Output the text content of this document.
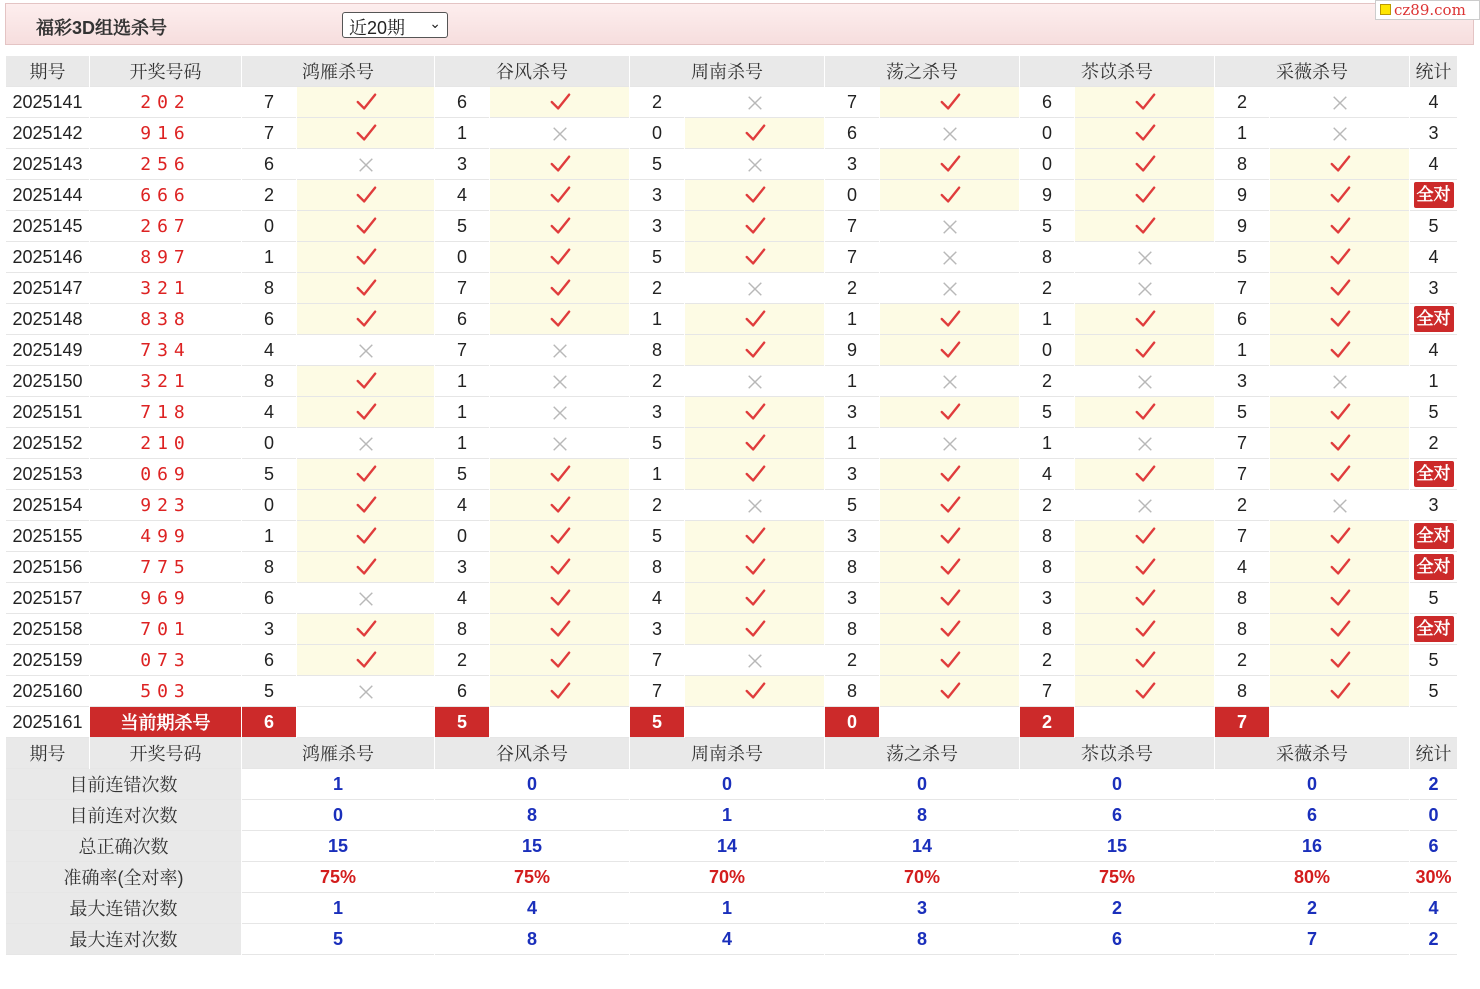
福彩3D组选杀号	近20期 ⌄
cz89.com
期号	开奖号码	鸿雁杀号		谷风杀号		周南杀号		荡之杀号		苶苡杀号		采薇杀号		统计
2025141	202	7		6		2		7		6		2		4
2025142	916	7		1		0		6		0		1		3
2025143	256	6		3		5		3		0		8		4
2025144	666	2		4		3		0		9		9		全对
2025145	267	0		5		3		7		5		9		5
2025146	897	1		0		5		7		8		5		4
2025147	321	8		7		2		2		2		7		3
2025148	838	6		6		1		1		1		6		全对
2025149	734	4		7		8		9		0		1		4
2025150	321	8		1		2		1		2		3		1
2025151	718	4		1		3		3		5		5		5
2025152	210	0		1		5		1		1		7		2
2025153	069	5		5		1		3		4		7		全对
2025154	923	0		4		2		5		2		2		3
2025155	499	1		0		5		3		8		7		全对
2025156	775	8		3		8		8		8		4		全对
2025157	969	6		4		4		3		3		8		5
2025158	701	3		8		3		8		8		8		全对
2025159	073	6		2		7		2		2		2		5
2025160	503	5		6		7		8		7		8		5
2025161	当前期杀号	6		5		5		0		2		7		
期号	开奖号码	鸿雁杀号		谷风杀号		周南杀号		荡之杀号		苶苡杀号		采薇杀号		统计
目前连错次数		1		0		0		0		0		0		2
目前连对次数		0		8		1		8		6		6		0
总正确次数		15		15		14		14		15		16		6
准确率(全对率)		75%		75%		70%		70%		75%		80%		30%
最大连错次数		1		4		1		3		2		2		4
最大连对次数		5		8		4		8		6		7		2
